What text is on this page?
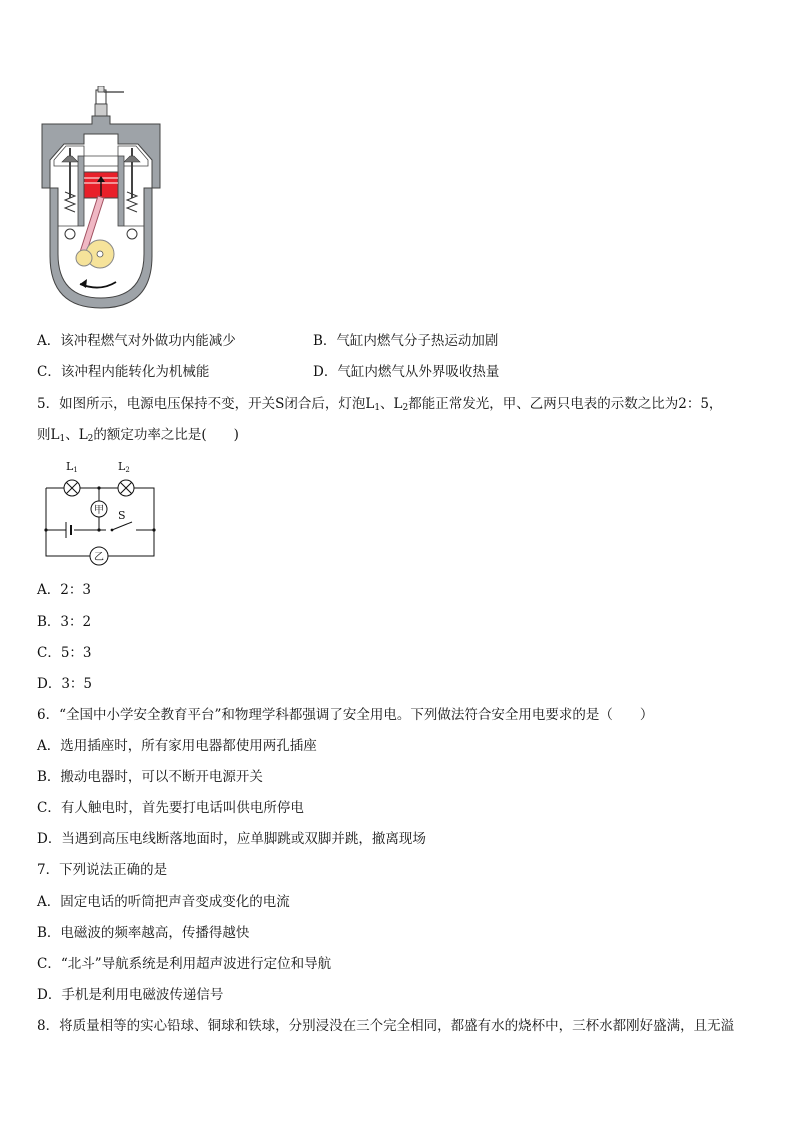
A．该冲程燃气对外做功内能减少	B．气缸内燃气分子热运动加剧
C．该冲程内能转化为机械能	D．气缸内燃气从外界吸收热量
5．如图所示，电源电压保持不变，开关S闭合后，灯泡$L_1$、$L_2$都能正常发光，甲、乙两只电表的示数之比为2：5，
则$L_1$、$L_2$的额定功率之比是(　　)
L1	L2
甲 S
乙
A．2：3
B．3：2
C．5：3
D．3：5
6．“全国中小学安全教育平台”和物理学科都强调了安全用电。下列做法符合安全用电要求的是（　　）
A．选用插座时，所有家用电器都使用两孔插座
B．搬动电器时，可以不断开电源开关
C．有人触电时，首先要打电话叫供电所停电
D．当遇到高压电线断落地面时，应单脚跳或双脚并跳，撤离现场
7．下列说法正确的是
A．固定电话的听筒把声音变成变化的电流
B．电磁波的频率越高，传播得越快
C．“北斗”导航系统是利用超声波进行定位和导航
D．手机是利用电磁波传递信号
8．将质量相等的实心铅球、铜球和铁球，分别浸没在三个完全相同，都盛有水的烧杯中，三杯水都刚好盛满，且无溢
